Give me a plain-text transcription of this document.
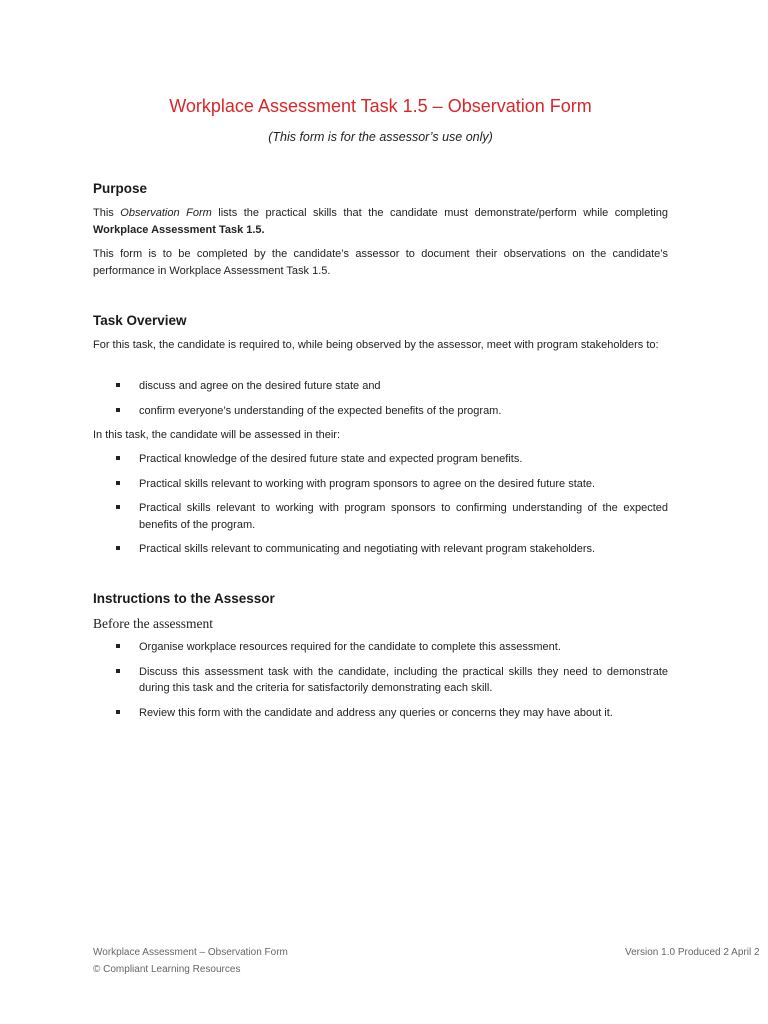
Workplace Assessment Task 1.5 – Observation Form
(This form is for the assessor’s use only)
Purpose

This Observation Form lists the practical skills that the candidate must demonstrate/perform while completing Workplace Assessment Task 1.5.

This form is to be completed by the candidate’s assessor to document their observations on the candidate’s performance in Workplace Assessment Task 1.5.

Task Overview

For this task, the candidate is required to, while being observed by the assessor, meet with program stakeholders to:

discuss and agree on the desired future state and
confirm everyone’s understanding of the expected benefits of the program.

In this task, the candidate will be assessed in their:

Practical knowledge of the desired future state and expected program benefits.
Practical skills relevant to working with program sponsors to agree on the desired future state.
Practical skills relevant to working with program sponsors to confirming understanding of the expected benefits of the program.
Practical skills relevant to communicating and negotiating with relevant program stakeholders.
Instructions to the Assessor
Before the assessment
Organise workplace resources required for the candidate to complete this assessment.
Discuss this assessment task with the candidate, including the practical skills they need to demonstrate during this task and the criteria for satisfactorily demonstrating each skill.
Review this form with the candidate and address any queries or concerns they may have about it.
Workplace Assessment – Observation Form
© Compliant Learning Resources
Version 1.0 Produced 2 April 2
